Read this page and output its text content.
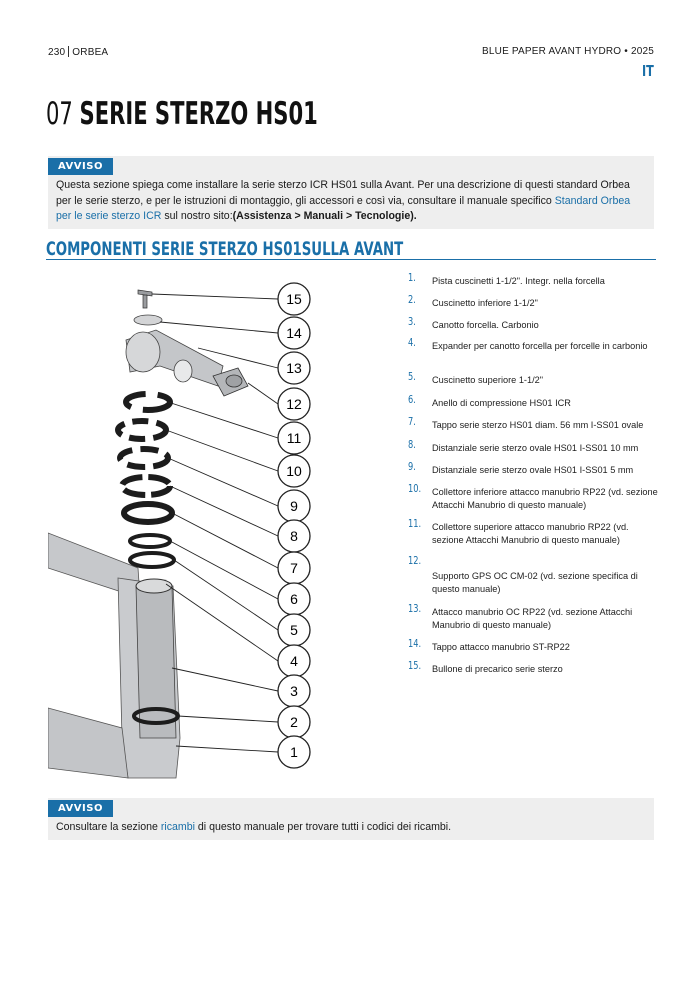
230 ORBEA	BLUE PAPER AVANT HYDRO • 2025
IT
07 SERIE STERZO HS01
AVVISO
Questa sezione spiega come installare la serie sterzo ICR HS01 sulla Avant. Per una descrizione di questi standard Orbea per le serie sterzo, e per le istruzioni di montaggio, gli accessori e così via, consultare il manuale specifico Standard Orbea per le serie sterzo ICR sul nostro sito:(Assistenza > Manuali > Tecnologie).
COMPONENTI SERIE STERZO HS01SULLA AVANT
15
14
13
12
11
10
9
8
7
6
5
4
3
2
1
1. Pista cuscinetti 1-1/2". Integr. nella forcella
2. Cuscinetto inferiore 1-1/2"
3. Canotto forcella. Carbonio
4. Expander per canotto forcella per forcelle in carbonio
5. Cuscinetto superiore 1-1/2"
6. Anello di compressione HS01 ICR
7. Tappo serie sterzo HS01 diam. 56 mm I-SS01 ovale
8. Distanziale serie sterzo ovale HS01 I-SS01 10 mm
9. Distanziale serie sterzo ovale HS01 I-SS01 5 mm
10. Collettore inferiore attacco manubrio RP22 (vd. sezione Attacchi Manubrio di questo manuale)
11. Collettore superiore attacco manubrio RP22 (vd. sezione Attacchi Manubrio di questo manuale)
12.
Supporto GPS OC CM-02 (vd. sezione specifica di questo manuale)
13. Attacco manubrio OC RP22 (vd. sezione Attacchi Manubrio di questo manuale)
14. Tappo attacco manubrio ST-RP22
15. Bullone di precarico serie sterzo
AVVISO
Consultare la sezione ricambi di questo manuale per trovare tutti i codici dei ricambi.
